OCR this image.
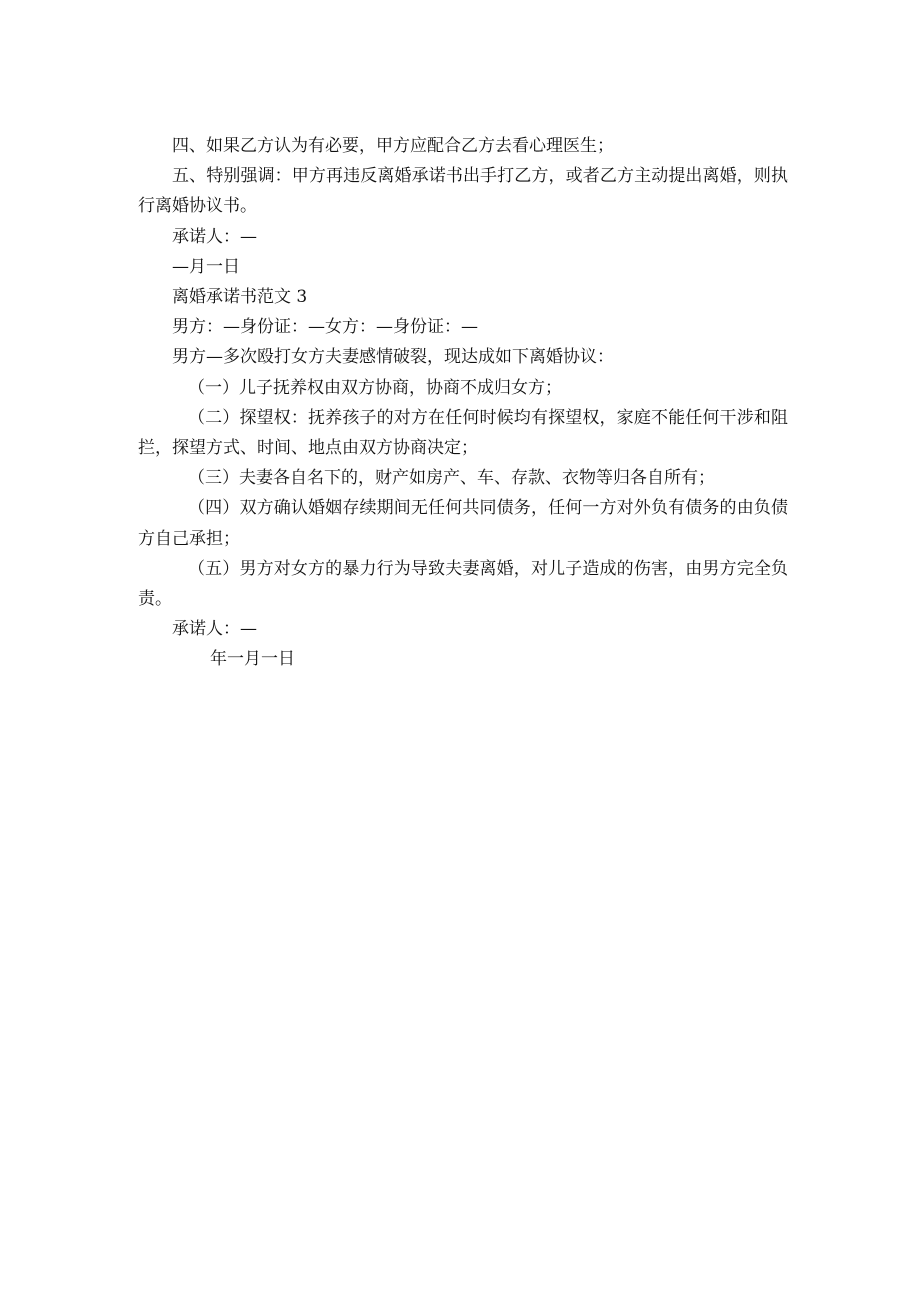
四、如果乙方认为有必要，甲方应配合乙方去看心理医生；

五、特别强调：甲方再违反离婚承诺书出手打乙方，或者乙方主动提出离婚，则执行离婚协议书。

承诺人：—

—月一日

离婚承诺书范文 3

男方：—身份证：—女方：—身份证：—

男方—多次殴打女方夫妻感情破裂，现达成如下离婚协议：

（一）儿子抚养权由双方协商，协商不成归女方；

（二）探望权：抚养孩子的对方在任何时候均有探望权，家庭不能任何干涉和阻拦，探望方式、时间、地点由双方协商决定；

（三）夫妻各自名下的，财产如房产、车、存款、衣物等归各自所有；

（四）双方确认婚姻存续期间无任何共同债务，任何一方对外负有债务的由负债方自己承担；

（五）男方对女方的暴力行为导致夫妻离婚，对儿子造成的伤害，由男方完全负责。

承诺人：—

年一月一日
